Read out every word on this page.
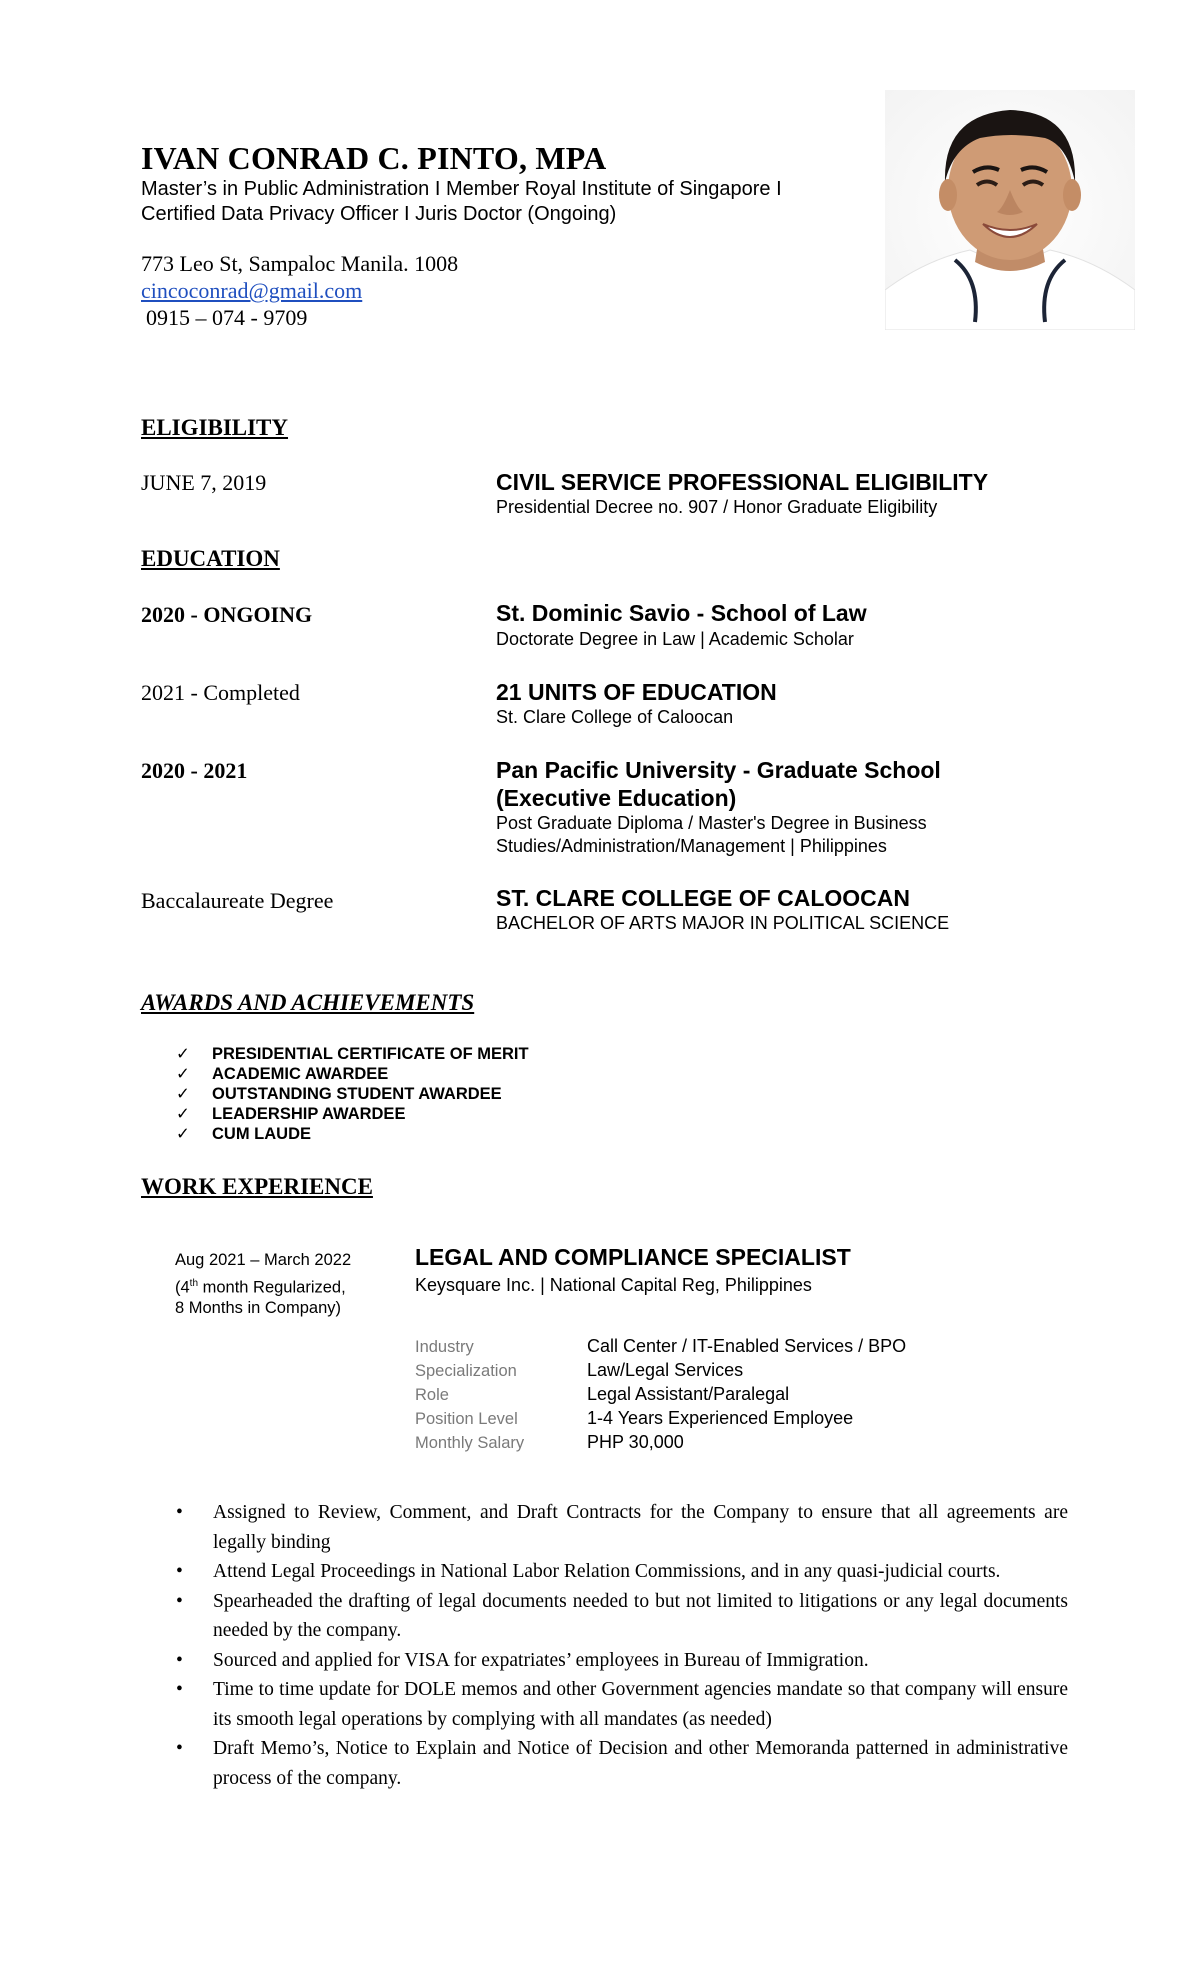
IVAN CONRAD C. PINTO, MPA
Master’s in Public Administration I Member Royal Institute of Singapore I
Certified Data Privacy Officer I Juris Doctor (Ongoing)
773 Leo St, Sampaloc Manila. 1008
cincoconrad@gmail.com
0915 – 074 - 9709
ELIGIBILITY
JUNE 7, 2019	CIVIL SERVICE PROFESSIONAL ELIGIBILITY
Presidential Decree no. 907 / Honor Graduate Eligibility
EDUCATION
2020 - ONGOING	St. Dominic Savio - School of Law
Doctorate Degree in Law | Academic Scholar
2021 - Completed	21 UNITS OF EDUCATION
St. Clare College of Caloocan
2020 - 2021	Pan Pacific University - Graduate School
(Executive Education)
Post Graduate Diploma / Master's Degree in Business
Studies/Administration/Management | Philippines
Baccalaureate Degree	ST. CLARE COLLEGE OF CALOOCAN
BACHELOR OF ARTS MAJOR IN POLITICAL SCIENCE
AWARDS AND ACHIEVEMENTS
✓ PRESIDENTIAL CERTIFICATE OF MERIT
✓ ACADEMIC AWARDEE
✓ OUTSTANDING STUDENT AWARDEE
✓ LEADERSHIP AWARDEE
✓ CUM LAUDE
WORK EXPERIENCE
Aug 2021 – March 2022
(4th month Regularized,
8 Months in Company)
LEGAL AND COMPLIANCE SPECIALIST
Keysquare Inc. | National Capital Reg, Philippines
Industry	Call Center / IT-Enabled Services / BPO
Specialization	Law/Legal Services
Role	Legal Assistant/Paralegal
Position Level	1-4 Years Experienced Employee
Monthly Salary	PHP 30,000
• Assigned to Review, Comment, and Draft Contracts for the Company to ensure that all agreements are legally binding
• Attend Legal Proceedings in National Labor Relation Commissions, and in any quasi-judicial courts.
• Spearheaded the drafting of legal documents needed to but not limited to litigations or any legal documents needed by the company.
• Sourced and applied for VISA for expatriates’ employees in Bureau of Immigration.
• Time to time update for DOLE memos and other Government agencies mandate so that company will ensure its smooth legal operations by complying with all mandates (as needed)
• Draft Memo’s, Notice to Explain and Notice of Decision and other Memoranda patterned in administrative process of the company.
